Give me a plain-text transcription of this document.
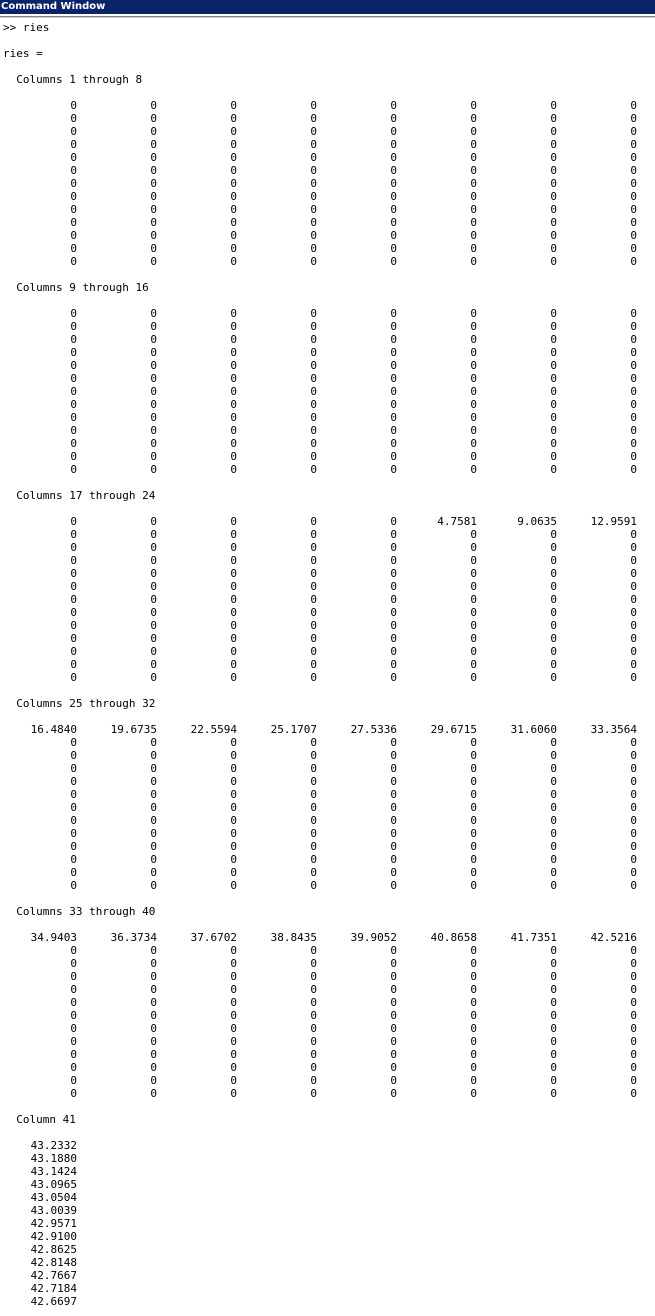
Command Window
>> ries
ries =
Columns 1 through 8
0	0	0	0	0	0	0	0
0	0	0	0	0	0	0	0
0	0	0	0	0	0	0	0
0	0	0	0	0	0	0	0
0	0	0	0	0	0	0	0
0	0	0	0	0	0	0	0
0	0	0	0	0	0	0	0
0	0	0	0	0	0	0	0
0	0	0	0	0	0	0	0
0	0	0	0	0	0	0	0
0	0	0	0	0	0	0	0
0	0	0	0	0	0	0	0
0	0	0	0	0	0	0	0
Columns 9 through 16
0	0	0	0	0	0	0	0
0	0	0	0	0	0	0	0
0	0	0	0	0	0	0	0
0	0	0	0	0	0	0	0
0	0	0	0	0	0	0	0
0	0	0	0	0	0	0	0
0	0	0	0	0	0	0	0
0	0	0	0	0	0	0	0
0	0	0	0	0	0	0	0
0	0	0	0	0	0	0	0
0	0	0	0	0	0	0	0
0	0	0	0	0	0	0	0
0	0	0	0	0	0	0	0
Columns 17 through 24
0	0	0	0	0	4.7581	9.0635	12.9591
0	0	0	0	0	0	0	0
0	0	0	0	0	0	0	0
0	0	0	0	0	0	0	0
0	0	0	0	0	0	0	0
0	0	0	0	0	0	0	0
0	0	0	0	0	0	0	0
0	0	0	0	0	0	0	0
0	0	0	0	0	0	0	0
0	0	0	0	0	0	0	0
0	0	0	0	0	0	0	0
0	0	0	0	0	0	0	0
0	0	0	0	0	0	0	0
Columns 25 through 32
16.4840	19.6735	22.5594	25.1707	27.5336	29.6715	31.6060	33.3564
0	0	0	0	0	0	0	0
0	0	0	0	0	0	0	0
0	0	0	0	0	0	0	0
0	0	0	0	0	0	0	0
0	0	0	0	0	0	0	0
0	0	0	0	0	0	0	0
0	0	0	0	0	0	0	0
0	0	0	0	0	0	0	0
0	0	0	0	0	0	0	0
0	0	0	0	0	0	0	0
0	0	0	0	0	0	0	0
0	0	0	0	0	0	0	0
Columns 33 through 40
34.9403	36.3734	37.6702	38.8435	39.9052	40.8658	41.7351	42.5216
0	0	0	0	0	0	0	0
0	0	0	0	0	0	0	0
0	0	0	0	0	0	0	0
0	0	0	0	0	0	0	0
0	0	0	0	0	0	0	0
0	0	0	0	0	0	0	0
0	0	0	0	0	0	0	0
0	0	0	0	0	0	0	0
0	0	0	0	0	0	0	0
0	0	0	0	0	0	0	0
0	0	0	0	0	0	0	0
0	0	0	0	0	0	0	0
Column 41
43.2332
43.1880
43.1424
43.0965
43.0504
43.0039
42.9571
42.9100
42.8625
42.8148
42.7667
42.7184
42.6697
